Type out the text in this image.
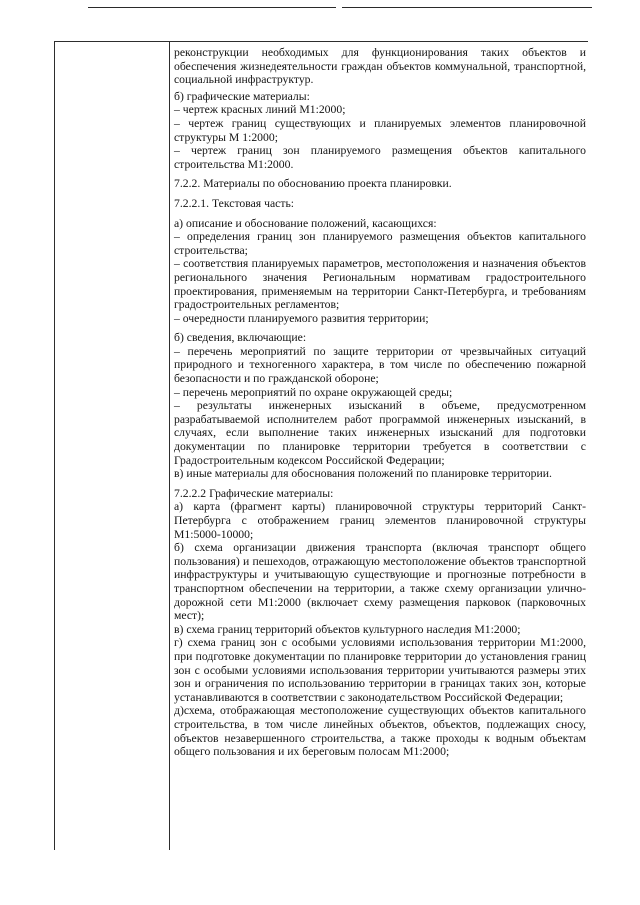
реконструкции необходимых для функционирования таких объектов и обеспечения жизнедеятельности граждан объектов коммунальной, транспортной, социальной инфраструктур.

б) графические материалы:

– чертеж красных линий М1:2000;

– чертеж границ существующих и планируемых элементов планировочной структуры М 1:2000;

– чертеж границ зон планируемого размещения объектов капитального строительства М1:2000.

7.2.2. Материалы по обоснованию проекта планировки.

7.2.2.1. Текстовая часть:

а) описание и обоснование положений, касающихся:

– определения границ зон планируемого размещения объектов капитального строительства;

– соответствия планируемых параметров, местоположения и назначения объектов регионального значения Региональным нормативам градостроительного проектирования, применяемым на территории Санкт-Петербурга, и требованиям градостроительных регламентов;

– очередности планируемого развития территории;

б) сведения, включающие:

– перечень мероприятий по защите территории от чрезвычайных ситуаций природного и техногенного характера, в том числе по обеспечению пожарной безопасности и по гражданской обороне;

– перечень мероприятий по охране окружающей среды;

– результаты инженерных изысканий в объеме, предусмотренном разрабатываемой исполнителем работ программой инженерных изысканий, в случаях, если выполнение таких инженерных изысканий для подготовки документации по планировке территории требуется в соответствии с Градостроительным кодексом Российской Федерации;

в) иные материалы для обоснования положений по планировке территории.

7.2.2.2 Графические материалы:

а) карта (фрагмент карты) планировочной структуры территорий Санкт-Петербурга с отображением границ элементов планировочной структуры М1:5000-10000;

б) схема организации движения транспорта (включая транспорт общего пользования) и пешеходов, отражающую местоположение объектов транспортной инфраструктуры и учитывающую существующие и прогнозные потребности в транспортном обеспечении на территории, а также схему организации улично-дорожной сети М1:2000 (включает схему размещения парковок (парковочных мест);

в) схема границ территорий объектов культурного наследия М1:2000;

г) схема границ зон с особыми условиями использования территории М1:2000, при подготовке документации по планировке территории до установления границ зон с особыми условиями использования территории учитываются размеры этих зон и ограничения по использованию территории в границах таких зон, которые устанавливаются в соответствии с законодательством Российской Федерации;

д)схема, отображающая местоположение существующих объектов капитального строительства, в том числе линейных объектов, объектов, подлежащих сносу, объектов незавершенного строительства, а также проходы к водным объектам общего пользования и их береговым полосам М1:2000;
